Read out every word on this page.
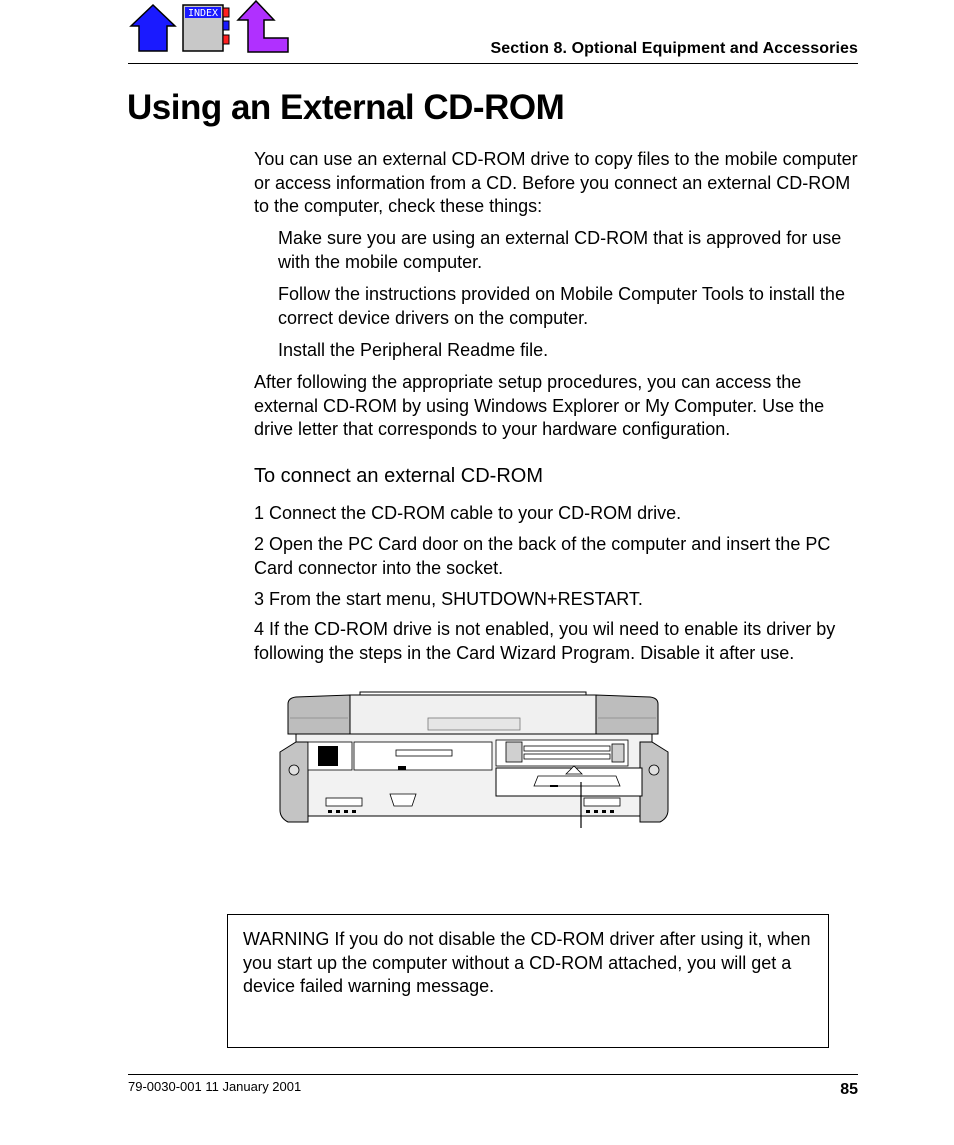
INDEX
Section 8. Optional Equipment and Accessories
Using an External CD-ROM
You can use an external CD-ROM drive to copy files to the mobile computer or access information from a CD. Before you connect an external CD-ROM to the computer, check these things:
Make sure you are using an external CD-ROM that is approved for use with the mobile computer.
Follow the instructions provided on Mobile Computer Tools to install the correct device drivers on the computer.
Install the Peripheral Readme file.
After following the appropriate setup procedures, you can access the external CD-ROM by using Windows Explorer or My Computer. Use the drive letter that corresponds to your hardware configuration.
To connect an external CD-ROM
1 Connect the CD-ROM cable to your CD-ROM drive.
2 Open the PC Card door on the back of the computer and insert the PC Card connector into the socket.
3 From the start menu, SHUTDOWN+RESTART.
4 If the CD-ROM drive is not enabled, you wil need to enable its driver by following the steps in the Card Wizard Program. Disable it after use.
WARNING If you do not disable the CD-ROM driver after using it, when you start up the computer without a CD-ROM attached, you will get a device failed warning message.
79-0030-001 11 January 2001	85
